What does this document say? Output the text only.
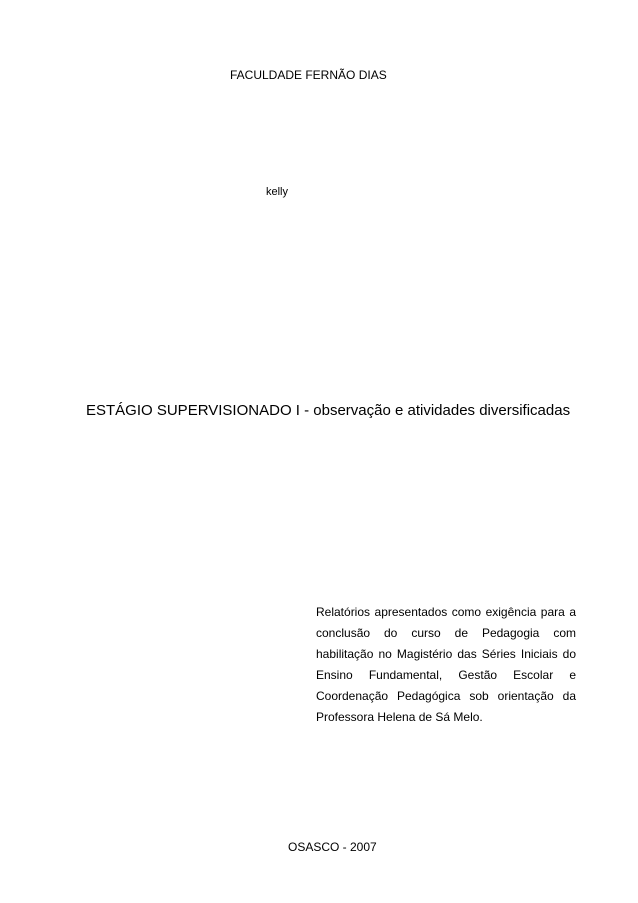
FACULDADE FERNÃO DIAS
kelly
ESTÁGIO SUPERVISIONADO I - observação e atividades diversificadas
Relatórios apresentados como exigência para a conclusão do curso de Pedagogia com habilitação no Magistério das Séries Iniciais do Ensino Fundamental, Gestão Escolar e Coordenação Pedagógica sob orientação da Professora Helena de Sá Melo.
OSASCO - 2007
